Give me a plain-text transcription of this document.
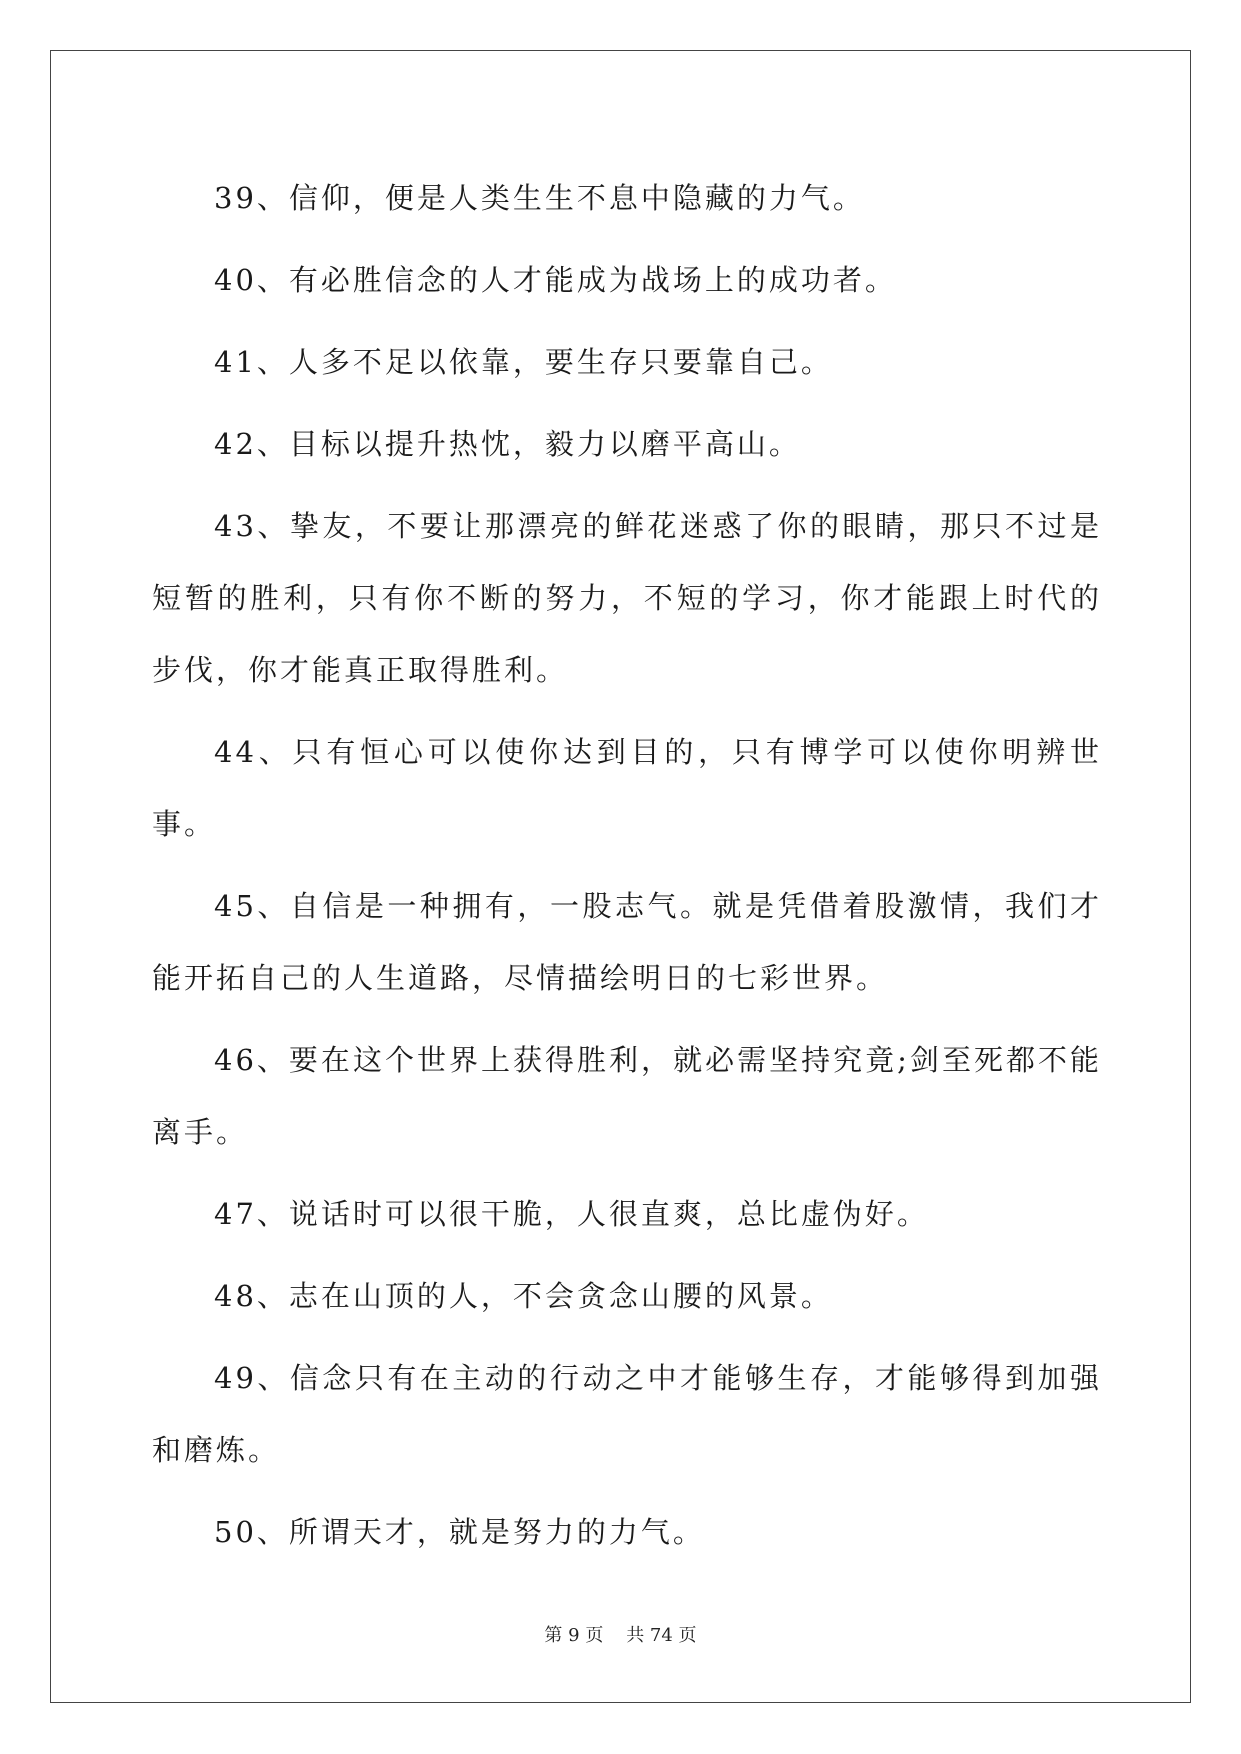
39、信仰，便是人类生生不息中隐藏的力气。

40、有必胜信念的人才能成为战场上的成功者。

41、人多不足以依靠，要生存只要靠自己。

42、目标以提升热忱，毅力以磨平高山。

43、挚友，不要让那漂亮的鲜花迷惑了你的眼睛，那只不过是短暂的胜利，只有你不断的努力，不短的学习，你才能跟上时代的步伐，你才能真正取得胜利。

44、只有恒心可以使你达到目的，只有博学可以使你明辨世事。

45、自信是一种拥有，一股志气。就是凭借着股激情，我们才能开拓自己的人生道路，尽情描绘明日的七彩世界。

46、要在这个世界上获得胜利，就必需坚持究竟;剑至死都不能离手。

47、说话时可以很干脆，人很直爽，总比虚伪好。

48、志在山顶的人，不会贪念山腰的风景。

49、信念只有在主动的行动之中才能够生存，才能够得到加强和磨炼。

50、所谓天才，就是努力的力气。

第 9 页    共 74 页
